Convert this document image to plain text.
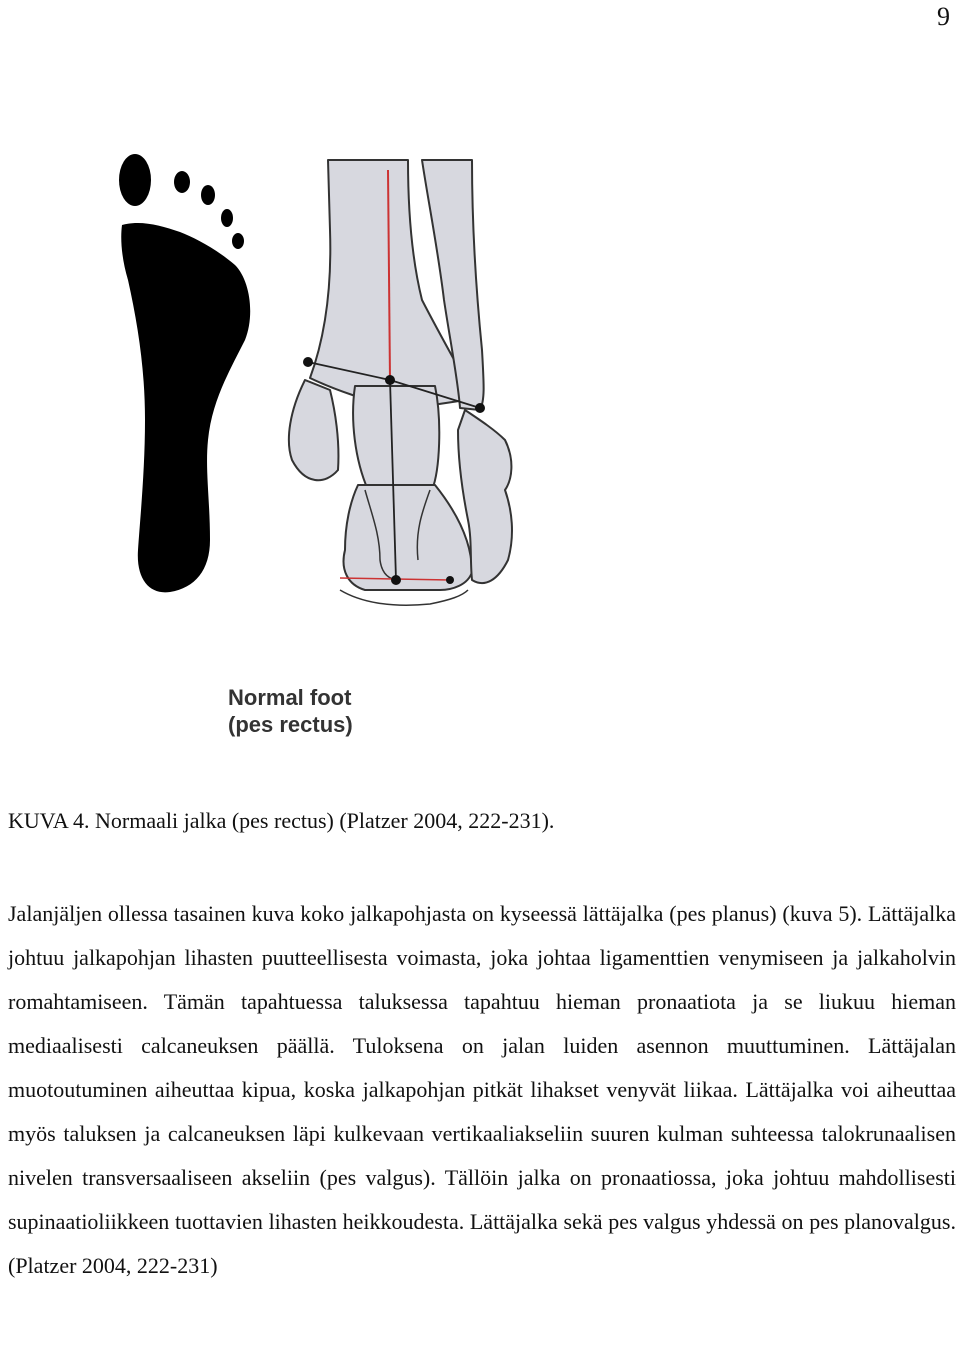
9
Normal foot
(pes rectus)
KUVA 4. Normaali jalka (pes rectus) (Platzer 2004, 222-231).

Jalanjäljen ollessa tasainen kuva koko jalkapohjasta on kyseessä lättäjalka (pes planus) (kuva 5). Lättäjalka johtuu jalkapohjan lihasten puutteellisesta voimasta, joka johtaa ligamenttien venymiseen ja jalkaholvin romahtamiseen. Tämän tapahtuessa taluksessa tapahtuu hieman pronaatiota ja se liukuu hieman mediaalisesti calcaneuksen päällä. Tuloksena on jalan luiden asennon muuttuminen. Lättäjalan muotoutuminen aiheuttaa kipua, koska jalkapohjan pitkät lihakset venyvät liikaa. Lättäjalka voi aiheuttaa myös taluksen ja calcaneuksen läpi kulkevaan vertikaaliakseliin suuren kulman suhteessa talokrunaalisen nivelen transversaaliseen akseliin (pes valgus). Tällöin jalka on pronaatiossa, joka johtuu mahdollisesti supinaatioliikkeen tuottavien lihasten heikkoudesta. Lättäjalka sekä pes valgus yhdessä on pes planovalgus. (Platzer 2004, 222-231)
